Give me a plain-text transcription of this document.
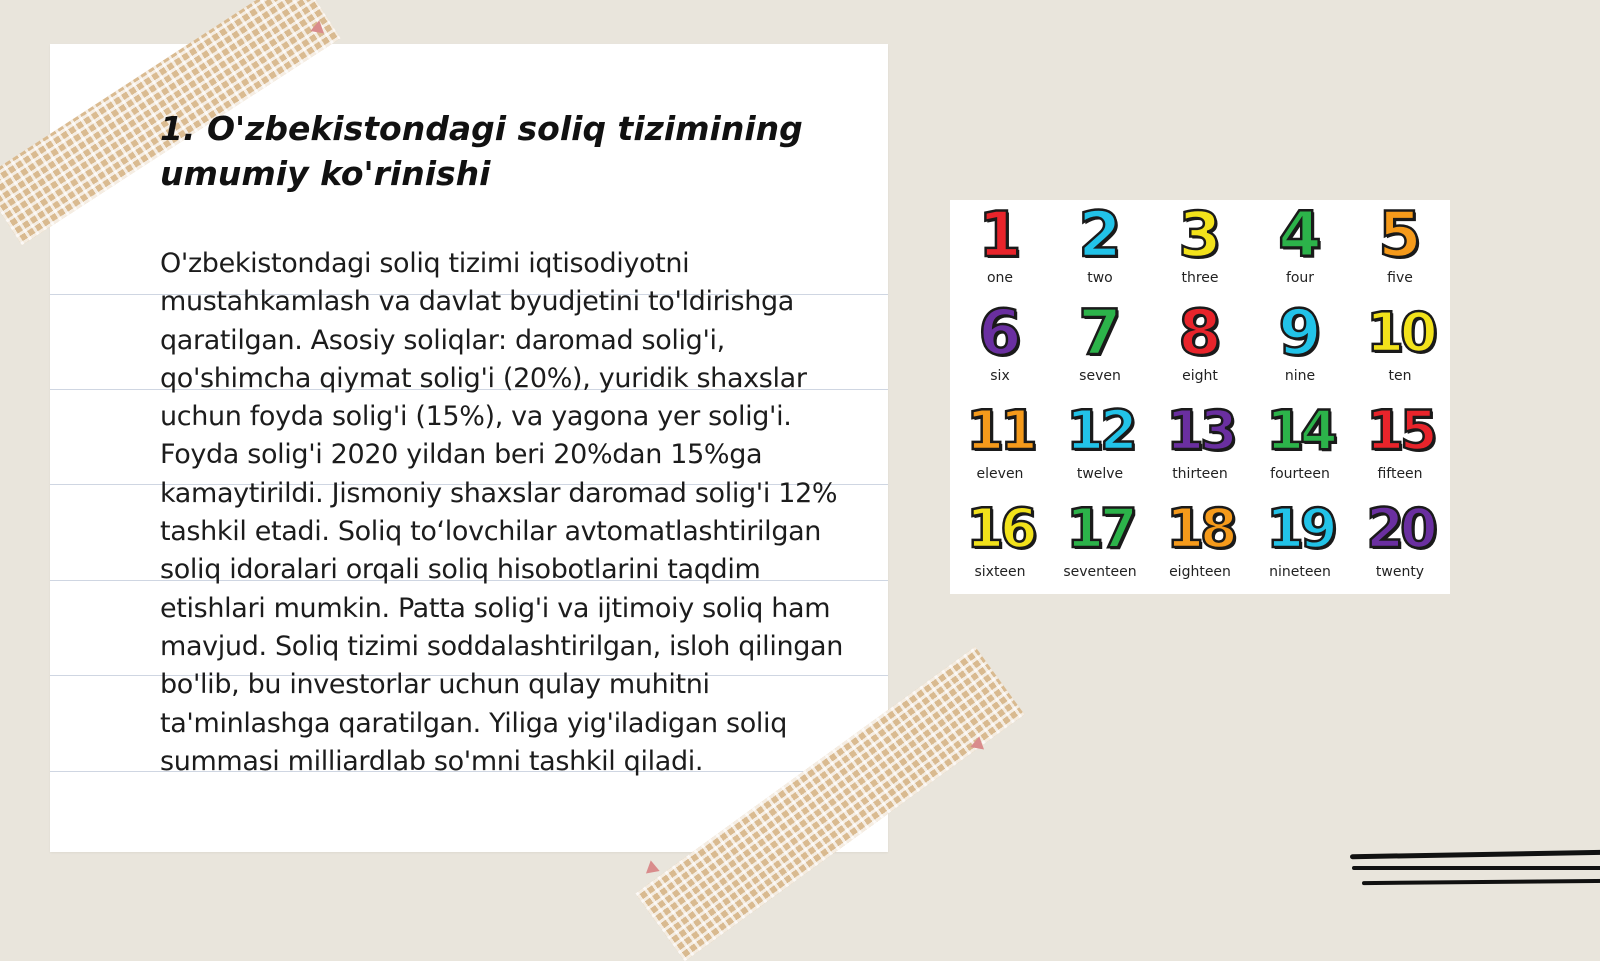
1. O'zbekistondagi soliq tizimining umumiy ko'rinishi

O'zbekistondagi soliq tizimi iqtisodiyotni mustahkamlash va davlat byudjetini to'ldirishga qaratilgan. Asosiy soliqlar: daromad solig'i, qo'shimcha qiymat solig'i (20%), yuridik shaxslar uchun foyda solig'i (15%), va yagona yer solig'i. Foyda solig'i 2020 yildan beri 20%dan 15%ga kamaytirildi. Jismoniy shaxslar daromad solig'i 12% tashkil etadi. Soliq to‘lovchilar avtomatlashtirilgan soliq idoralari orqali soliq hisobotlarini taqdim etishlari mumkin. Patta solig'i va ijtimoiy soliq ham mavjud. Soliq tizimi soddalashtirilgan, isloh qilingan bo'lib, bu investorlar uchun qulay muhitni ta'minlashga qaratilgan. Yiliga yig'iladigan soliq summasi milliardlab so'mni tashkil qiladi.

1
one
2
two
3
three
4
four
5
five
6
six
7
seven
8
eight
9
nine
10
ten
11
eleven
12
twelve
13
thirteen
14
fourteen
15
fifteen
16
sixteen
17
seventeen
18
eighteen
19
nineteen
20
twenty
